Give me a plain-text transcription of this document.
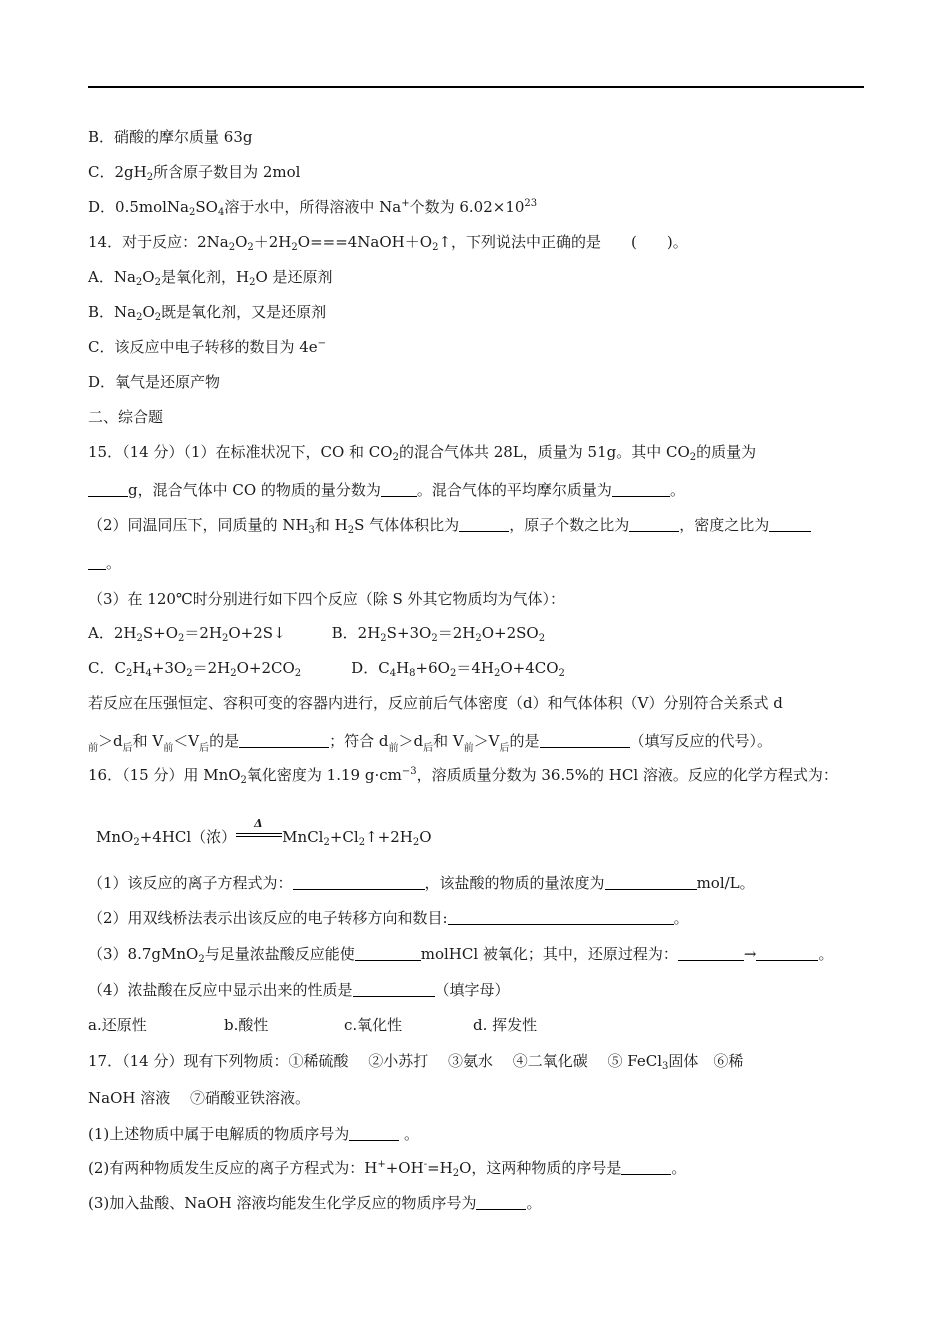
B．硝酸的摩尔质量 63g
C．$2gH_2$所含原子数目为 2mol
D．$0.5molNa_2SO_4$溶于水中，所得溶液中 Na+个数为 $6.02\times 10^{23}$
14．对于反应：$2Na_2O_2+2H_2O===4NaOH+O_2↑$，下列说法中正确的是　　(　　)。
A．$Na_2O_2$是氧化剂，$H_2O$ 是还原剂
B．$Na_2O_2$既是氧化剂，又是还原剂
C．该反应中电子转移的数目为 4e−
D．氧气是还原产物
二、综合题
15．（14 分）（1）在标准状况下，CO 和 $CO_2$的混合气体共 28L，质量为 51g。其中 $CO_2$的质量为
g，混合气体中 CO 的物质的量分数为 。混合气体的平均摩尔质量为	。
（2）同温同压下，同质量的 $NH_3$和 $H_2S$ 气体体积比为	，原子个数之比为	，密度之比为
。
（3）在 120℃时分别进行如下四个反应（除 S 外其它物质均为气体）：
A．$2H_2S+O_2=2H_2O+2S↓$	B．$2H_2S+3O_2=2H_2O+2SO_2$
C．$C_2H_4+3O_2=2H_2O+2CO_2$	D．$C_4H_8+6O_2=4H_2O+4CO_2$
若反应在压强恒定、容积可变的容器内进行，反应前后气体密度（d）和气体体积（V）分别符合关系式 d
$_前>d_后$和 $V_前<V_后$的是	；符合 $d_前>d_后$和 $V_前>V_后$的是	（填写反应的代号）。
16．（15 分）用 MnO$_2$氧化密度为 1.19 $g\cdot cm^{-3}$，溶质质量分数为 36.5%的 HCl 溶液。反应的化学方程式为：
MnO$_2$+4HCl（浓）
Δ
$MnCl_2+Cl_2↑+2H_2O$
（1）该反应的离子方程式为：	，该盐酸的物质的量浓度为	mol/L。
（2）用双线桥法表示出该反应的电子转移方向和数目:	。
（3）8.7gMnO$_2$与足量浓盐酸反应能使	molHCl 被氧化；其中，还原过程为：	→	。
（4）浓盐酸在反应中显示出来的性质是	（填字母）
a.还原性	b.酸性	c.氧化性	d. 挥发性
17．（14 分）现有下列物质：①稀硫酸　 ②小苏打　 ③氨水　 ④二氧化碳　 ⑤ FeCl$_3$固体　⑥稀
NaOH 溶液　 ⑦硝酸亚铁溶液。
(1)上述物质中属于电解质的物质序号为	。
(2)有两种物质发生反应的离子方程式为：$H^++OH^-=H_2O$，这两种物质的序号是	。
(3)加入盐酸、NaOH 溶液均能发生化学反应的物质序号为	。
